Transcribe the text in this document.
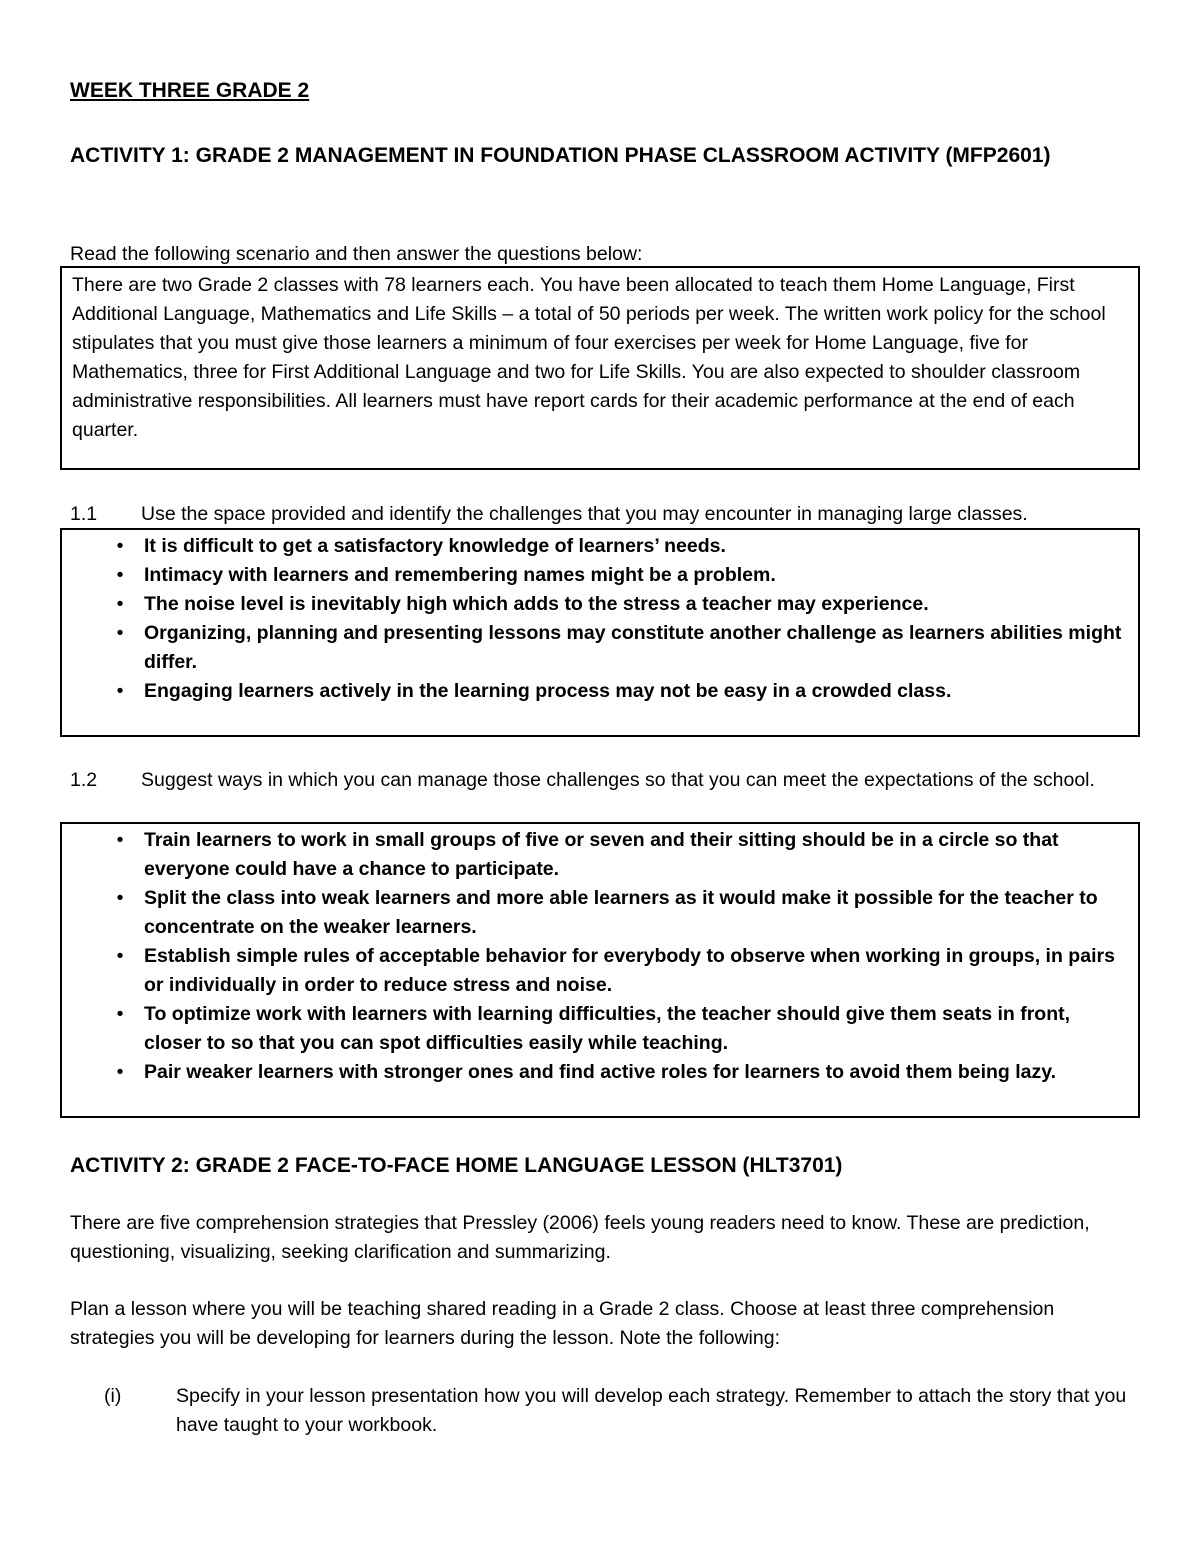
WEEK THREE GRADE 2
ACTIVITY 1: GRADE 2 MANAGEMENT IN FOUNDATION PHASE CLASSROOM ACTIVITY (MFP2601)
Read the following scenario and then answer the questions below:
There are two Grade 2 classes with 78 learners each. You have been allocated to teach them Home Language, First Additional Language, Mathematics and Life Skills – a total of 50 periods per week. The written work policy for the school stipulates that you must give those learners a minimum of four exercises per week for Home Language, five for Mathematics, three for First Additional Language and two for Life Skills. You are also expected to shoulder classroom administrative responsibilities. All learners must have report cards for their academic performance at the end of each quarter.
1.1	Use the space provided and identify the challenges that you may encounter in managing large classes.
• It is difficult to get a satisfactory knowledge of learners’ needs.
• Intimacy with learners and remembering names might be a problem.
• The noise level is inevitably high which adds to the stress a teacher may experience.
• Organizing, planning and presenting lessons may constitute another challenge as learners abilities might differ.
• Engaging learners actively in the learning process may not be easy in a crowded class.
1.2	Suggest ways in which you can manage those challenges so that you can meet the expectations of the school.
• Train learners to work in small groups of five or seven and their sitting should be in a circle so that everyone could have a chance to participate.
• Split the class into weak learners and more able learners as it would make it possible for the teacher to concentrate on the weaker learners.
• Establish simple rules of acceptable behavior for everybody to observe when working in groups, in pairs or individually in order to reduce stress and noise.
• To optimize work with learners with learning difficulties, the teacher should give them seats in front, closer to so that you can spot difficulties easily while teaching.
• Pair weaker learners with stronger ones and find active roles for learners to avoid them being lazy.
ACTIVITY 2: GRADE 2 FACE-TO-FACE HOME LANGUAGE LESSON (HLT3701)
There are five comprehension strategies that Pressley (2006) feels young readers need to know. These are prediction, questioning, visualizing, seeking clarification and summarizing.
Plan a lesson where you will be teaching shared reading in a Grade 2 class. Choose at least three comprehension strategies you will be developing for learners during the lesson. Note the following:
(i)	Specify in your lesson presentation how you will develop each strategy. Remember to attach the story that you have taught to your workbook.
